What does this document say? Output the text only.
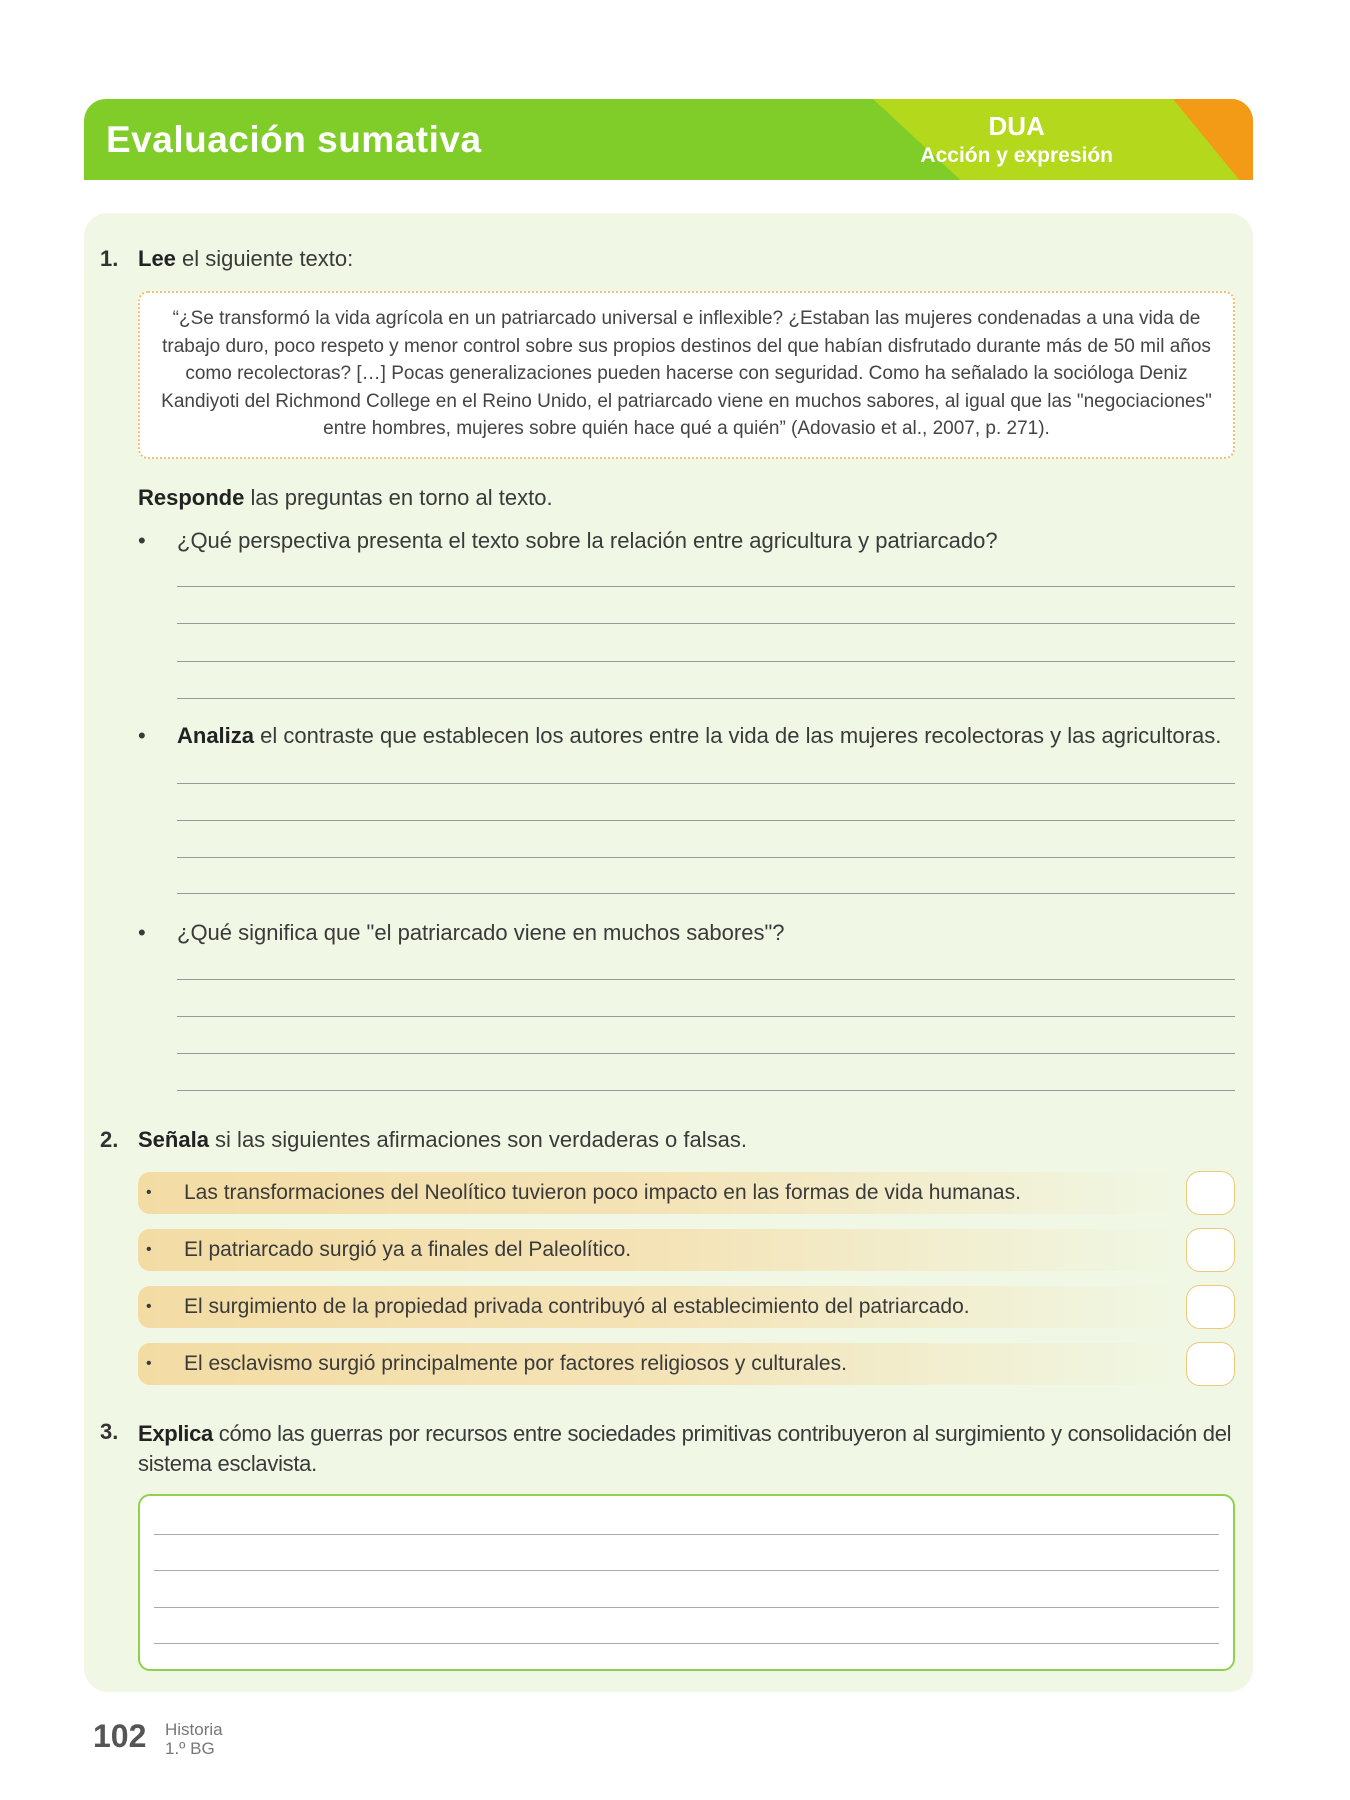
Evaluación sumativa	DUA
Acción y expresión
1. Lee el siguiente texto:
“¿Se transformó la vida agrícola en un patriarcado universal e inflexible? ¿Estaban las mujeres condenadas a una vida de trabajo duro, poco respeto y menor control sobre sus propios destinos del que habían disfrutado durante más de 50 mil años como recolectoras? […] Pocas generalizaciones pueden hacerse con seguridad. Como ha señalado la socióloga Deniz Kandiyoti del Richmond College en el Reino Unido, el patriarcado viene en muchos sabores, al igual que las "negociaciones" entre hombres, mujeres sobre quién hace qué a quién” (Adovasio et al., 2007, p. 271).
Responde las preguntas en torno al texto.
• ¿Qué perspectiva presenta el texto sobre la relación entre agricultura y patriarcado?
• Analiza el contraste que establecen los autores entre la vida de las mujeres recolectoras y las agricultoras.
• ¿Qué significa que "el patriarcado viene en muchos sabores"?
2. Señala si las siguientes afirmaciones son verdaderas o falsas.
• Las transformaciones del Neolítico tuvieron poco impacto en las formas de vida humanas.
• El patriarcado surgió ya a finales del Paleolítico.
• El surgimiento de la propiedad privada contribuyó al establecimiento del patriarcado.
• El esclavismo surgió principalmente por factores religiosos y culturales.
3. Explica cómo las guerras por recursos entre sociedades primitivas contribuyeron al surgimiento y consolidación del sistema esclavista.
102 Historia
1.º BG
